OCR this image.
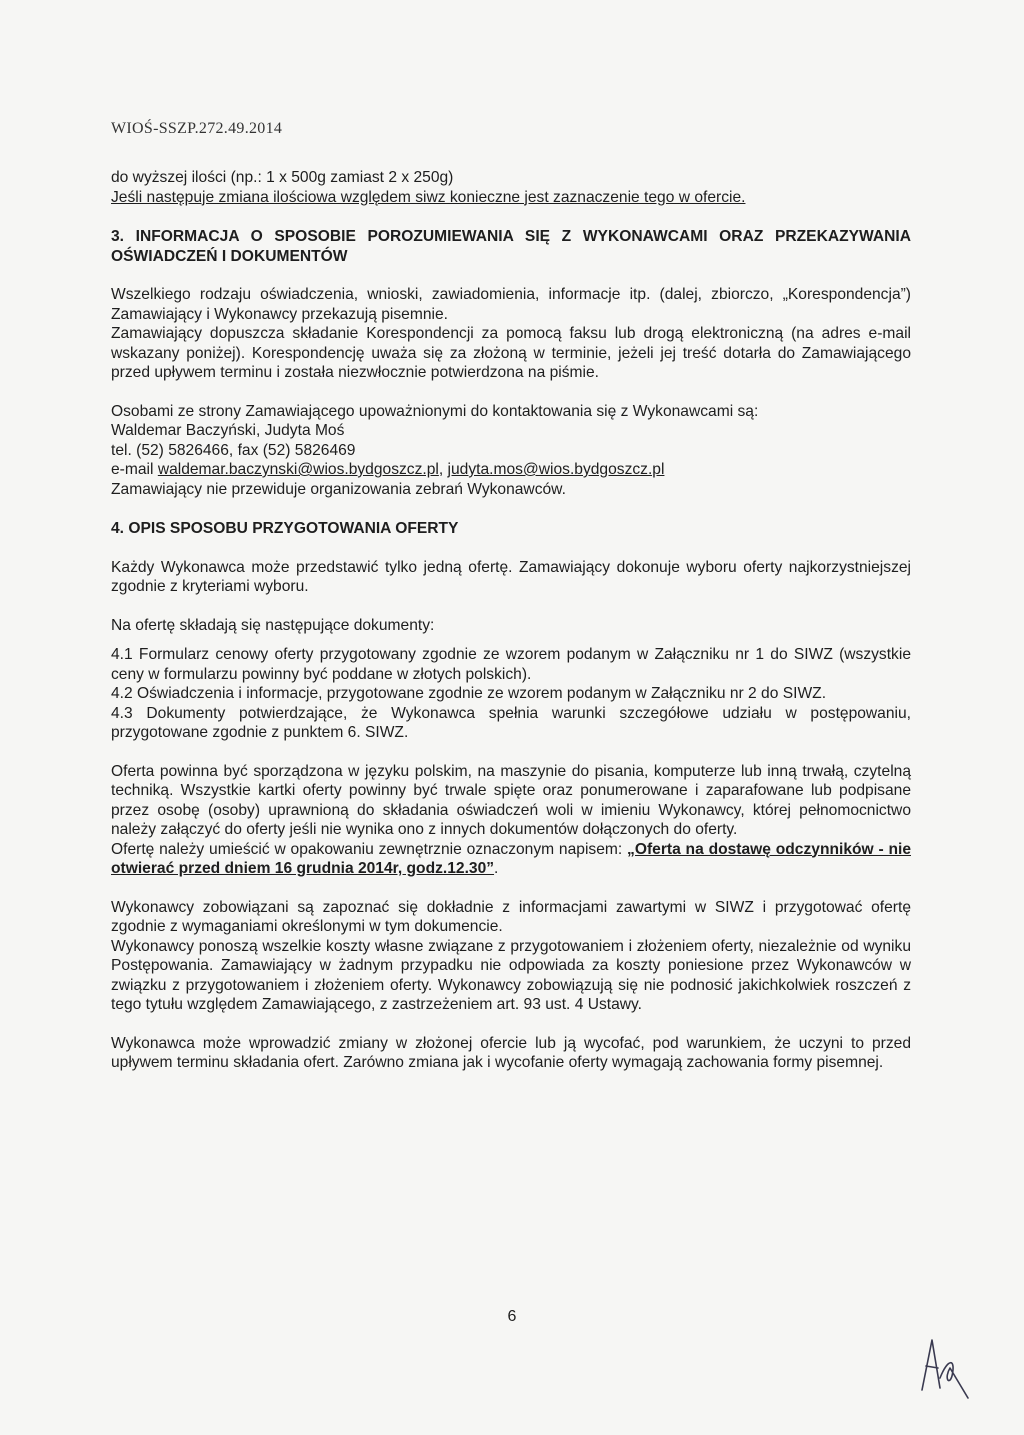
WIOŚ-SSZP.272.49.2014

do wyższej ilości (np.: 1 x 500g zamiast 2 x 250g)

Jeśli następuje zmiana ilościowa względem siwz konieczne jest zaznaczenie tego w ofercie.

3. INFORMACJA O SPOSOBIE POROZUMIEWANIA SIĘ Z WYKONAWCAMI ORAZ PRZEKAZYWANIA OŚWIADCZEŃ I DOKUMENTÓW

Wszelkiego rodzaju oświadczenia, wnioski, zawiadomienia, informacje itp. (dalej, zbiorczo, „Korespondencja”) Zamawiający i Wykonawcy przekazują pisemnie.

Zamawiający dopuszcza składanie Korespondencji za pomocą faksu lub drogą elektroniczną (na adres e-mail wskazany poniżej). Korespondencję uważa się za złożoną w terminie, jeżeli jej treść dotarła do Zamawiającego przed upływem terminu i została niezwłocznie potwierdzona na piśmie.

Osobami ze strony Zamawiającego upoważnionymi do kontaktowania się z Wykonawcami są:

Waldemar Baczyński, Judyta Moś

tel. (52) 5826466, fax (52) 5826469

e-mail waldemar.baczynski@wios.bydgoszcz.pl, judyta.mos@wios.bydgoszcz.pl

Zamawiający nie przewiduje organizowania zebrań Wykonawców.

4. OPIS SPOSOBU PRZYGOTOWANIA OFERTY

Każdy Wykonawca może przedstawić tylko jedną ofertę. Zamawiający dokonuje wyboru oferty najkorzystniejszej zgodnie z kryteriami wyboru.

Na ofertę składają się następujące dokumenty:

4.1 Formularz cenowy oferty przygotowany zgodnie ze wzorem podanym w Załączniku nr 1 do SIWZ (wszystkie ceny w formularzu powinny być poddane w złotych polskich).

4.2 Oświadczenia i informacje, przygotowane zgodnie ze wzorem podanym w Załączniku nr 2 do SIWZ.

4.3 Dokumenty potwierdzające, że Wykonawca spełnia warunki szczegółowe udziału w postępowaniu, przygotowane zgodnie z punktem 6. SIWZ.

Oferta powinna być sporządzona w języku polskim, na maszynie do pisania, komputerze lub inną trwałą, czytelną techniką. Wszystkie kartki oferty powinny być trwale spięte oraz ponumerowane i zaparafowane lub podpisane przez osobę (osoby) uprawnioną do składania oświadczeń woli w imieniu Wykonawcy, której pełnomocnictwo należy załączyć do oferty jeśli nie wynika ono z innych dokumentów dołączonych do oferty.

Ofertę należy umieścić w opakowaniu zewnętrznie oznaczonym napisem: „Oferta na dostawę odczynników - nie otwierać przed dniem 16 grudnia 2014r, godz.12.30”.

Wykonawcy zobowiązani są zapoznać się dokładnie z informacjami zawartymi w SIWZ i przygotować ofertę zgodnie z wymaganiami określonymi w tym dokumencie.

Wykonawcy ponoszą wszelkie koszty własne związane z przygotowaniem i złożeniem oferty, niezależnie od wyniku Postępowania. Zamawiający w żadnym przypadku nie odpowiada za koszty poniesione przez Wykonawców w związku z przygotowaniem i złożeniem oferty. Wykonawcy zobowiązują się nie podnosić jakichkolwiek roszczeń z tego tytułu względem Zamawiającego, z zastrzeżeniem art. 93 ust. 4 Ustawy.

Wykonawca może wprowadzić zmiany w złożonej ofercie lub ją wycofać, pod warunkiem, że uczyni to przed upływem terminu składania ofert. Zarówno zmiana jak i wycofanie oferty wymagają zachowania formy pisemnej.

6
